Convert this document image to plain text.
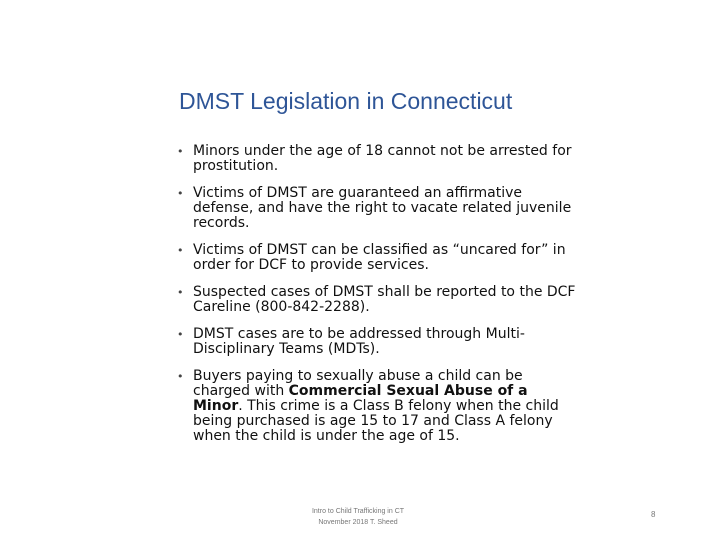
DMST Legislation in Connecticut
• Minors under the age of 18 cannot not be arrested for prostitution.
• Victims of DMST are guaranteed an affirmative defense, and have the right to vacate related juvenile records.
• Victims of DMST can be classified as “uncared for” in order for DCF to provide services.
• Suspected cases of DMST shall be reported to the DCF Careline (800-842-2288).
• DMST cases are to be addressed through Multi-Disciplinary Teams (MDTs).
• Buyers paying to sexually abuse a child can be charged with Commercial Sexual Abuse of a Minor. This crime is a Class B felony when the child being purchased is age 15 to 17 and Class A felony when the child is under the age of 15.
Intro to Child Trafficking in CT
November 2018 T. Sheed
8
